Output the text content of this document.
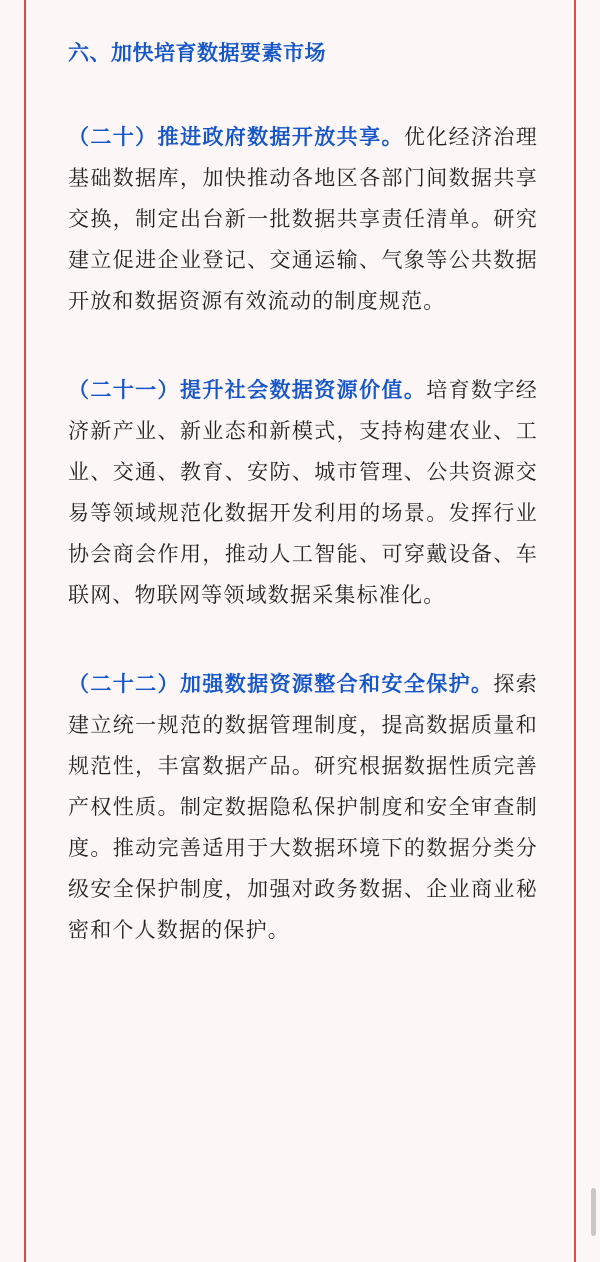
六、加快培育数据要素市场

（二十）推进政府数据开放共享。优化经济治理基础数据库，加快推动各地区各部门间数据共享交换，制定出台新一批数据共享责任清单。研究建立促进企业登记、交通运输、气象等公共数据开放和数据资源有效流动的制度规范。

（二十一）提升社会数据资源价值。培育数字经济新产业、新业态和新模式，支持构建农业、工业、交通、教育、安防、城市管理、公共资源交易等领域规范化数据开发利用的场景。发挥行业协会商会作用，推动人工智能、可穿戴设备、车联网、物联网等领域数据采集标准化。

（二十二）加强数据资源整合和安全保护。探索建立统一规范的数据管理制度，提高数据质量和规范性，丰富数据产品。研究根据数据性质完善产权性质。制定数据隐私保护制度和安全审查制度。推动完善适用于大数据环境下的数据分类分级安全保护制度，加强对政务数据、企业商业秘密和个人数据的保护。
